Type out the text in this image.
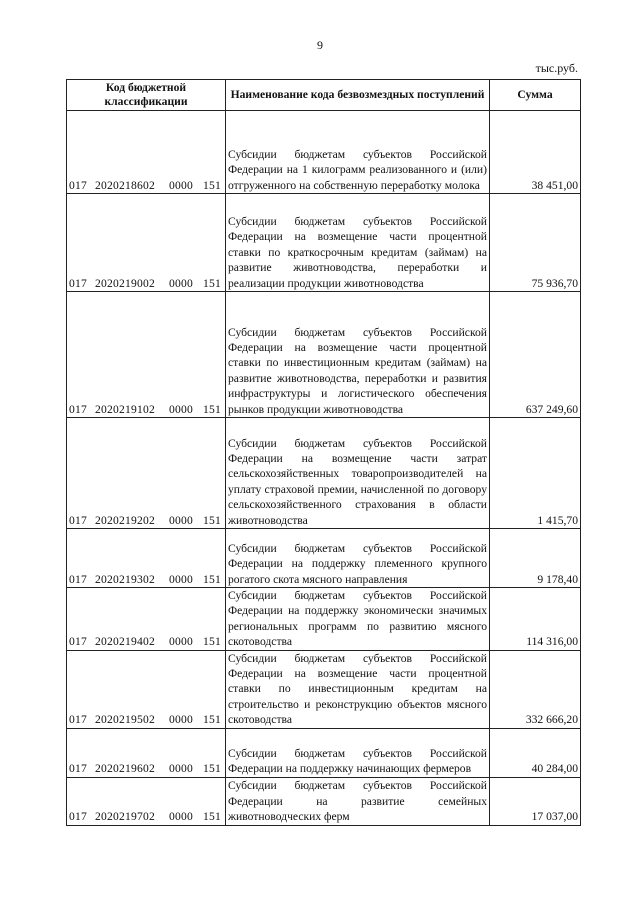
9
тыс.руб.
Код бюджетной классификации	Наименование кода безвозмездных поступлений	Сумма
017 2020218602 0000 151	Субсидии бюджетам субъектов Российской Федерации на 1 килограмм реализованного и (или) отгруженного на собственную переработку молока	38 451,00
017 2020219002 0000 151	Субсидии бюджетам субъектов Российской Федерации на возмещение части процентной ставки по краткосрочным кредитам (займам) на развитие животноводства, переработки и реализации продукции животноводства	75 936,70
017 2020219102 0000 151	Субсидии бюджетам субъектов Российской Федерации на возмещение части процентной ставки по инвестиционным кредитам (займам) на развитие животноводства, переработки и развития инфраструктуры и логистического обеспечения рынков продукции животноводства	637 249,60
017 2020219202 0000 151	Субсидии бюджетам субъектов Российской Федерации на возмещение части затрат сельскохозяйственных товаропроизводителей на уплату страховой премии, начисленной по договору сельскохозяйственного страхования в области животноводства	1 415,70
017 2020219302 0000 151	Субсидии бюджетам субъектов Российской Федерации на поддержку племенного крупного рогатого скота мясного направления	9 178,40
017 2020219402 0000 151	Субсидии бюджетам субъектов Российской Федерации на поддержку экономически значимых региональных программ по развитию мясного скотоводства	114 316,00
017 2020219502 0000 151	Субсидии бюджетам субъектов Российской Федерации на возмещение части процентной ставки по инвестиционным кредитам на строительство и реконструкцию объектов мясного скотоводства	332 666,20
017 2020219602 0000 151	Субсидии бюджетам субъектов Российской Федерации на поддержку начинающих фермеров	40 284,00
017 2020219702 0000 151	Субсидии бюджетам субъектов Российской Федерации на развитие семейных животноводческих ферм	17 037,00
